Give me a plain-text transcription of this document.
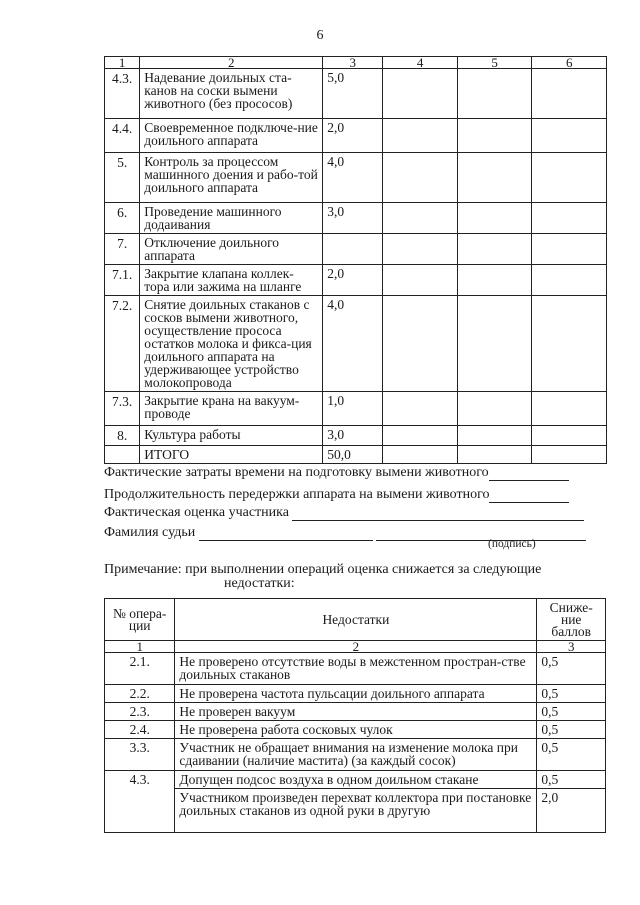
6
1	2	3	4	5	6
4.3.	Надевание доильных ста-канов на соски вымени животного (без проcосов)	5,0			
4.4.	Своевременное подключе-ние доильного аппарата	2,0			
5.	Контроль за процессом машинного доения и рабо-той доильного аппарата	4,0			
6.	Проведение машинного додаивания	3,0			
7.	Отключение доильного аппарата				
7.1.	Закрытие клапана коллек-тора или зажима на шланге	2,0			
7.2.	Снятие доильных стаканов с сосков вымени животного, осуществление прососа остатков молока и фикса-ция доильного аппарата на удерживающее устройство молокопровода	4,0			
7.3.	Закрытие крана на вакуум-проводе	1,0			
8.	Культура работы	3,0			
	ИТОГО	50,0			
Фактические затраты времени на подготовку вымени животного
Продолжительность передержки аппарата на вымени животного
Фактическая оценка участника
Фамилия судьи
(подпись)
Примечание: при выполнении операций оценка снижается за следующие
недостатки:
№ опера-ции	Недостатки	Сниже-ние баллов
1	2	3
2.1.	Не проверено отсутствие воды в межстенном простран-стве доильных стаканов	0,5
2.2.	Не проверена частота пульсации доильного аппарата	0,5
2.3.	Не проверен вакуум	0,5
2.4.	Не проверена работа сосковых чулок	0,5
3.3.	Участник не обращает внимания на изменение молока при сдаивании (наличие мастита) (за каждый сосок)	0,5
4.3.	Допущен подсос воздуха в одном доильном стакане	0,5
	Участником произведен перехват коллектора при постановке доильных стаканов из одной руки в другую	2,0
